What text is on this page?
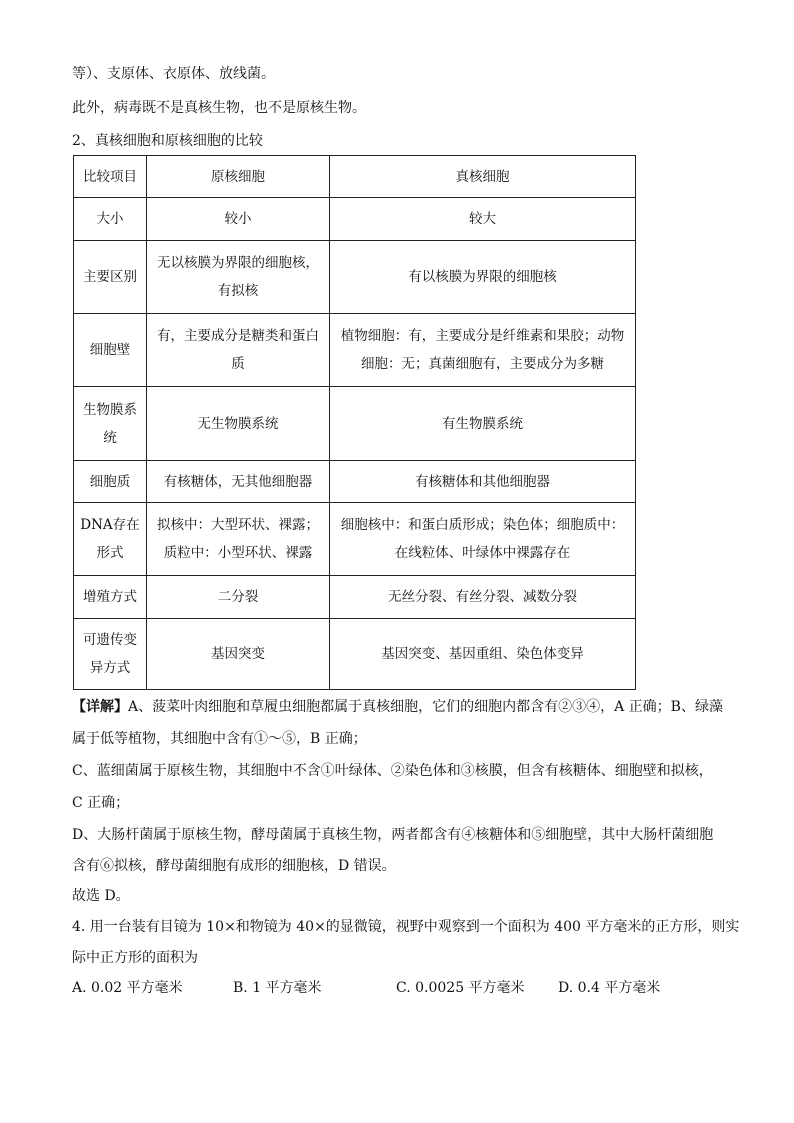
等）、支原体、衣原体、放线菌。
此外，病毒既不是真核生物，也不是原核生物。
2、真核细胞和原核细胞的比较
比较项目	原核细胞	真核细胞
大小	较小	较大
主要区别	无以核膜为界限的细胞核，有拟核	有以核膜为界限的细胞核
细胞壁	有，主要成分是糖类和蛋白质	植物细胞：有，主要成分是纤维素和果胶；动物细胞：无；真菌细胞有，主要成分为多糖
生物膜系统	无生物膜系统	有生物膜系统
细胞质	有核糖体，无其他细胞器	有核糖体和其他细胞器
DNA存在形式	拟核中：大型环状、裸露；质粒中：小型环状、裸露	细胞核中：和蛋白质形成；染色体；细胞质中：在线粒体、叶绿体中裸露存在
增殖方式	二分裂	无丝分裂、有丝分裂、减数分裂
可遗传变异方式	基因突变	基因突变、基因重组、染色体变异
【详解】A、菠菜叶肉细胞和草履虫细胞都属于真核细胞，它们的细胞内都含有②③④，A 正确；B、绿藻
属于低等植物，其细胞中含有①～⑤，B 正确；
C、蓝细菌属于原核生物，其细胞中不含①叶绿体、②染色体和③核膜，但含有核糖体、细胞壁和拟核，
C 正确；
D、大肠杆菌属于原核生物，酵母菌属于真核生物，两者都含有④核糖体和⑤细胞壁，其中大肠杆菌细胞
含有⑥拟核，酵母菌细胞有成形的细胞核，D 错误。
故选 D。
4. 用一台装有目镜为 10×和物镜为 40×的显微镜，视野中观察到一个面积为 400 平方毫米的正方形，则实
际中正方形的面积为
A. 0.02 平方毫米	B. 1 平方毫米	C. 0.0025 平方毫米 D. 0.4 平方毫米
